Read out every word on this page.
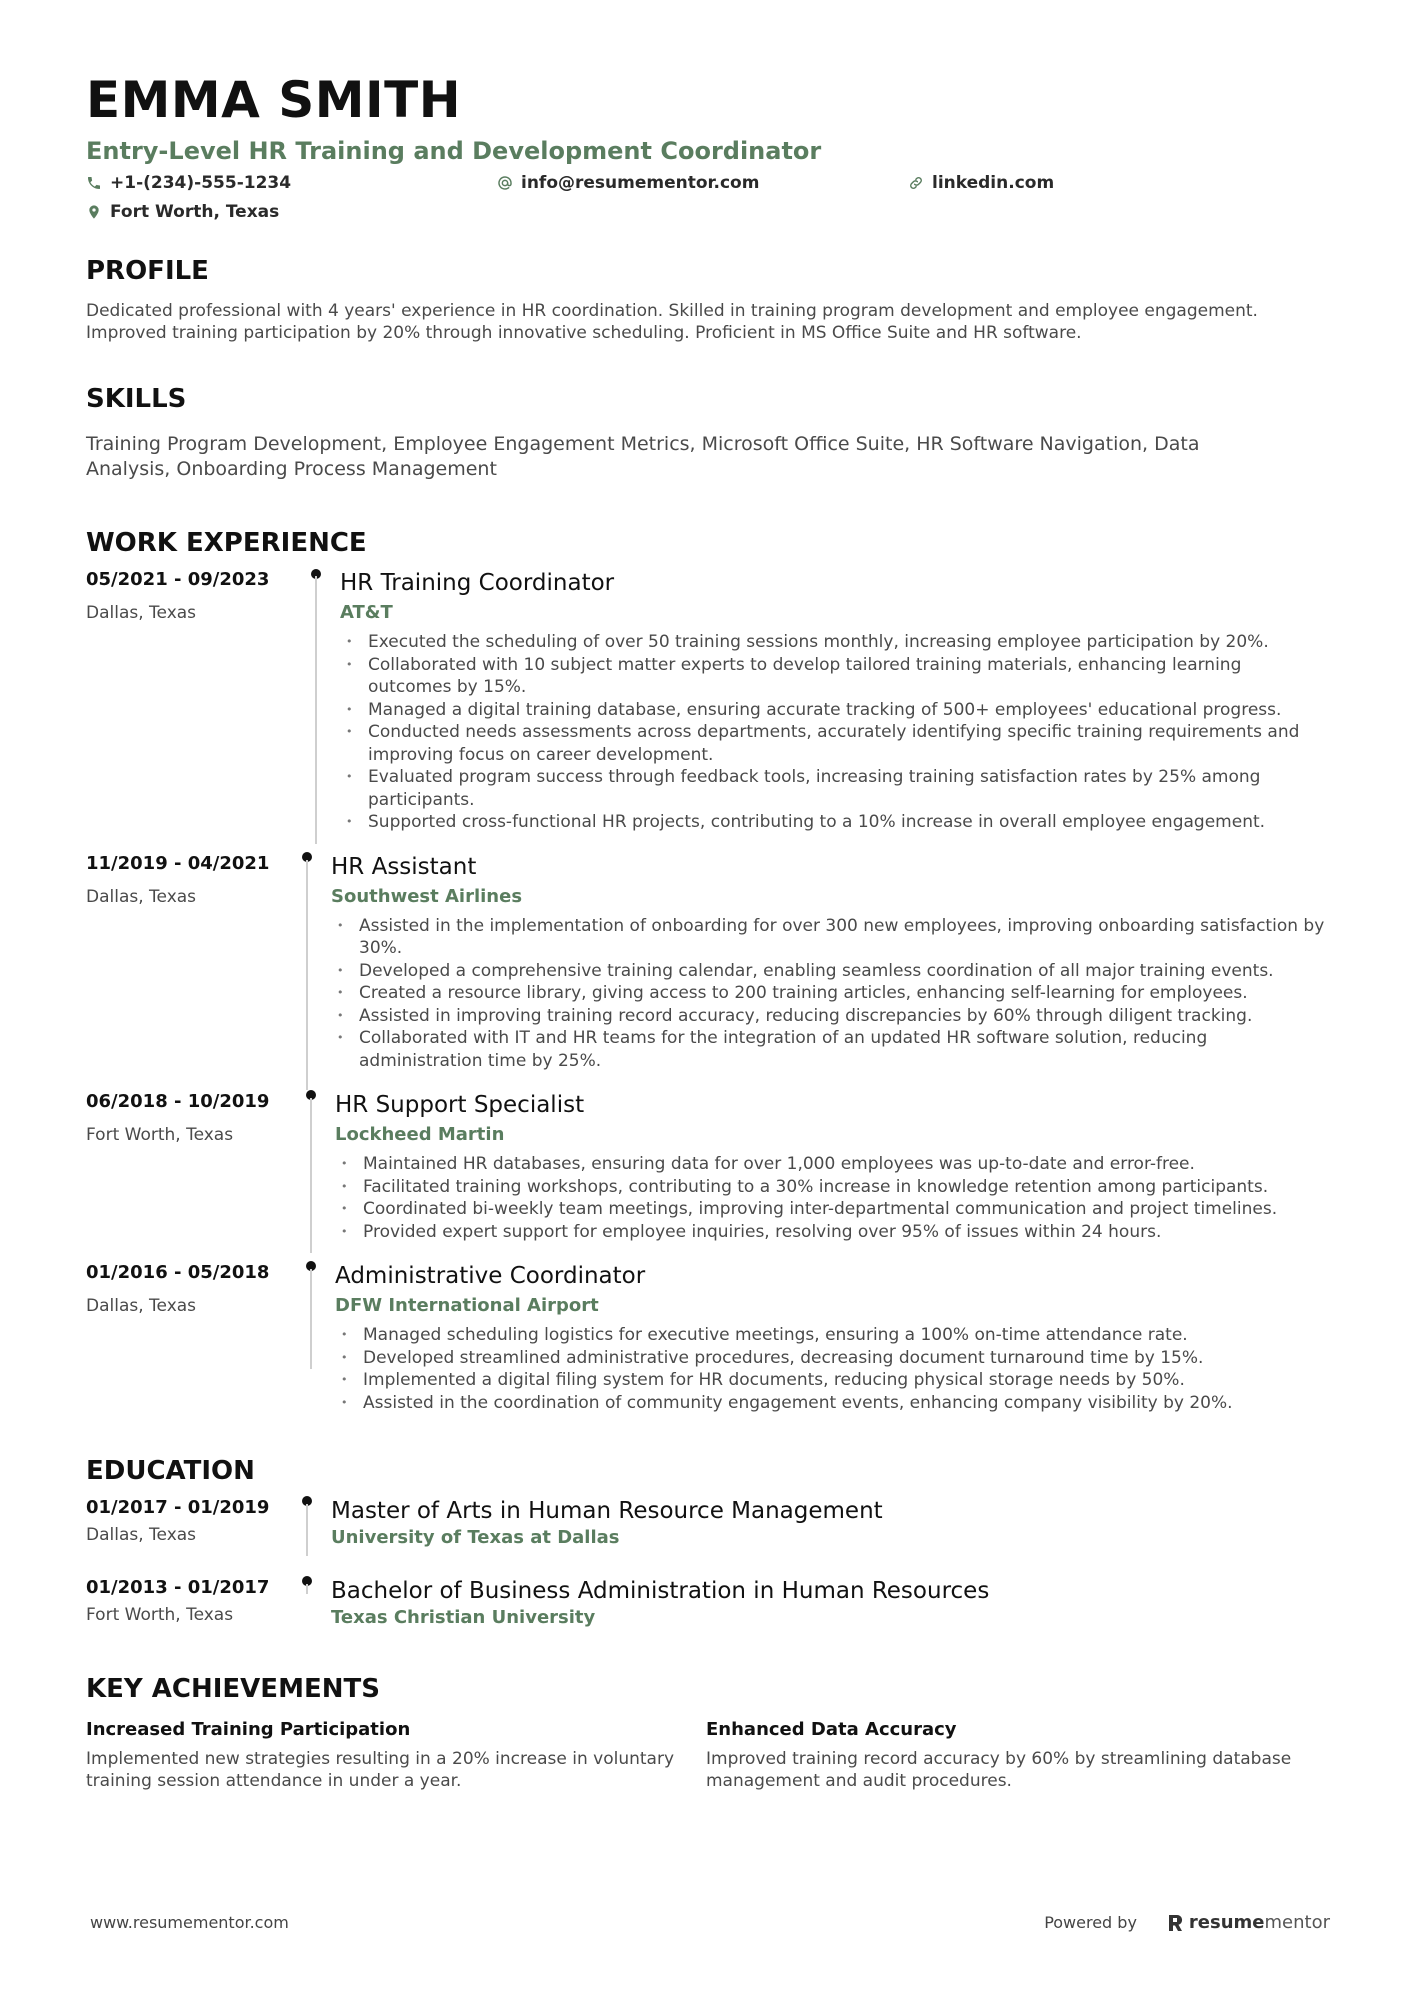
EMMA SMITH
Entry-Level HR Training and Development Coordinator
+1-(234)-555-1234	info@resumementor.com	linkedin.com
Fort Worth, Texas
PROFILE
Dedicated professional with 4 years' experience in HR coordination. Skilled in training program development and employee engagement. Improved training participation by 20% through innovative scheduling. Proficient in MS Office Suite and HR software.
SKILLS
Training Program Development, Employee Engagement Metrics, Microsoft Office Suite, HR Software Navigation, Data Analysis, Onboarding Process Management
WORK EXPERIENCE
05/2021 - 09/2023
Dallas, Texas
HR Training Coordinator
AT&T
• Executed the scheduling of over 50 training sessions monthly, increasing employee participation by 20%.
• Collaborated with 10 subject matter experts to develop tailored training materials, enhancing learning outcomes by 15%.
• Managed a digital training database, ensuring accurate tracking of 500+ employees' educational progress.
• Conducted needs assessments across departments, accurately identifying specific training requirements and improving focus on career development.
• Evaluated program success through feedback tools, increasing training satisfaction rates by 25% among participants.
• Supported cross-functional HR projects, contributing to a 10% increase in overall employee engagement.
11/2019 - 04/2021
Dallas, Texas
HR Assistant
Southwest Airlines
• Assisted in the implementation of onboarding for over 300 new employees, improving onboarding satisfaction by 30%.
• Developed a comprehensive training calendar, enabling seamless coordination of all major training events.
• Created a resource library, giving access to 200 training articles, enhancing self-learning for employees.
• Assisted in improving training record accuracy, reducing discrepancies by 60% through diligent tracking.
• Collaborated with IT and HR teams for the integration of an updated HR software solution, reducing administration time by 25%.
06/2018 - 10/2019
Fort Worth, Texas
HR Support Specialist
Lockheed Martin
• Maintained HR databases, ensuring data for over 1,000 employees was up-to-date and error-free.
• Facilitated training workshops, contributing to a 30% increase in knowledge retention among participants.
• Coordinated bi-weekly team meetings, improving inter-departmental communication and project timelines.
• Provided expert support for employee inquiries, resolving over 95% of issues within 24 hours.
01/2016 - 05/2018
Dallas, Texas
Administrative Coordinator
DFW International Airport
• Managed scheduling logistics for executive meetings, ensuring a 100% on-time attendance rate.
• Developed streamlined administrative procedures, decreasing document turnaround time by 15%.
• Implemented a digital filing system for HR documents, reducing physical storage needs by 50%.
• Assisted in the coordination of community engagement events, enhancing company visibility by 20%.
EDUCATION
01/2017 - 01/2019
Dallas, Texas
Master of Arts in Human Resource Management
University of Texas at Dallas
01/2013 - 01/2017
Fort Worth, Texas
Bachelor of Business Administration in Human Resources
Texas Christian University
KEY ACHIEVEMENTS
Increased Training Participation
Implemented new strategies resulting in a 20% increase in voluntary training session attendance in under a year.
Enhanced Data Accuracy
Improved training record accuracy by 60% by streamlining database management and audit procedures.
www.resumementor.com	Powered by	resumementor
